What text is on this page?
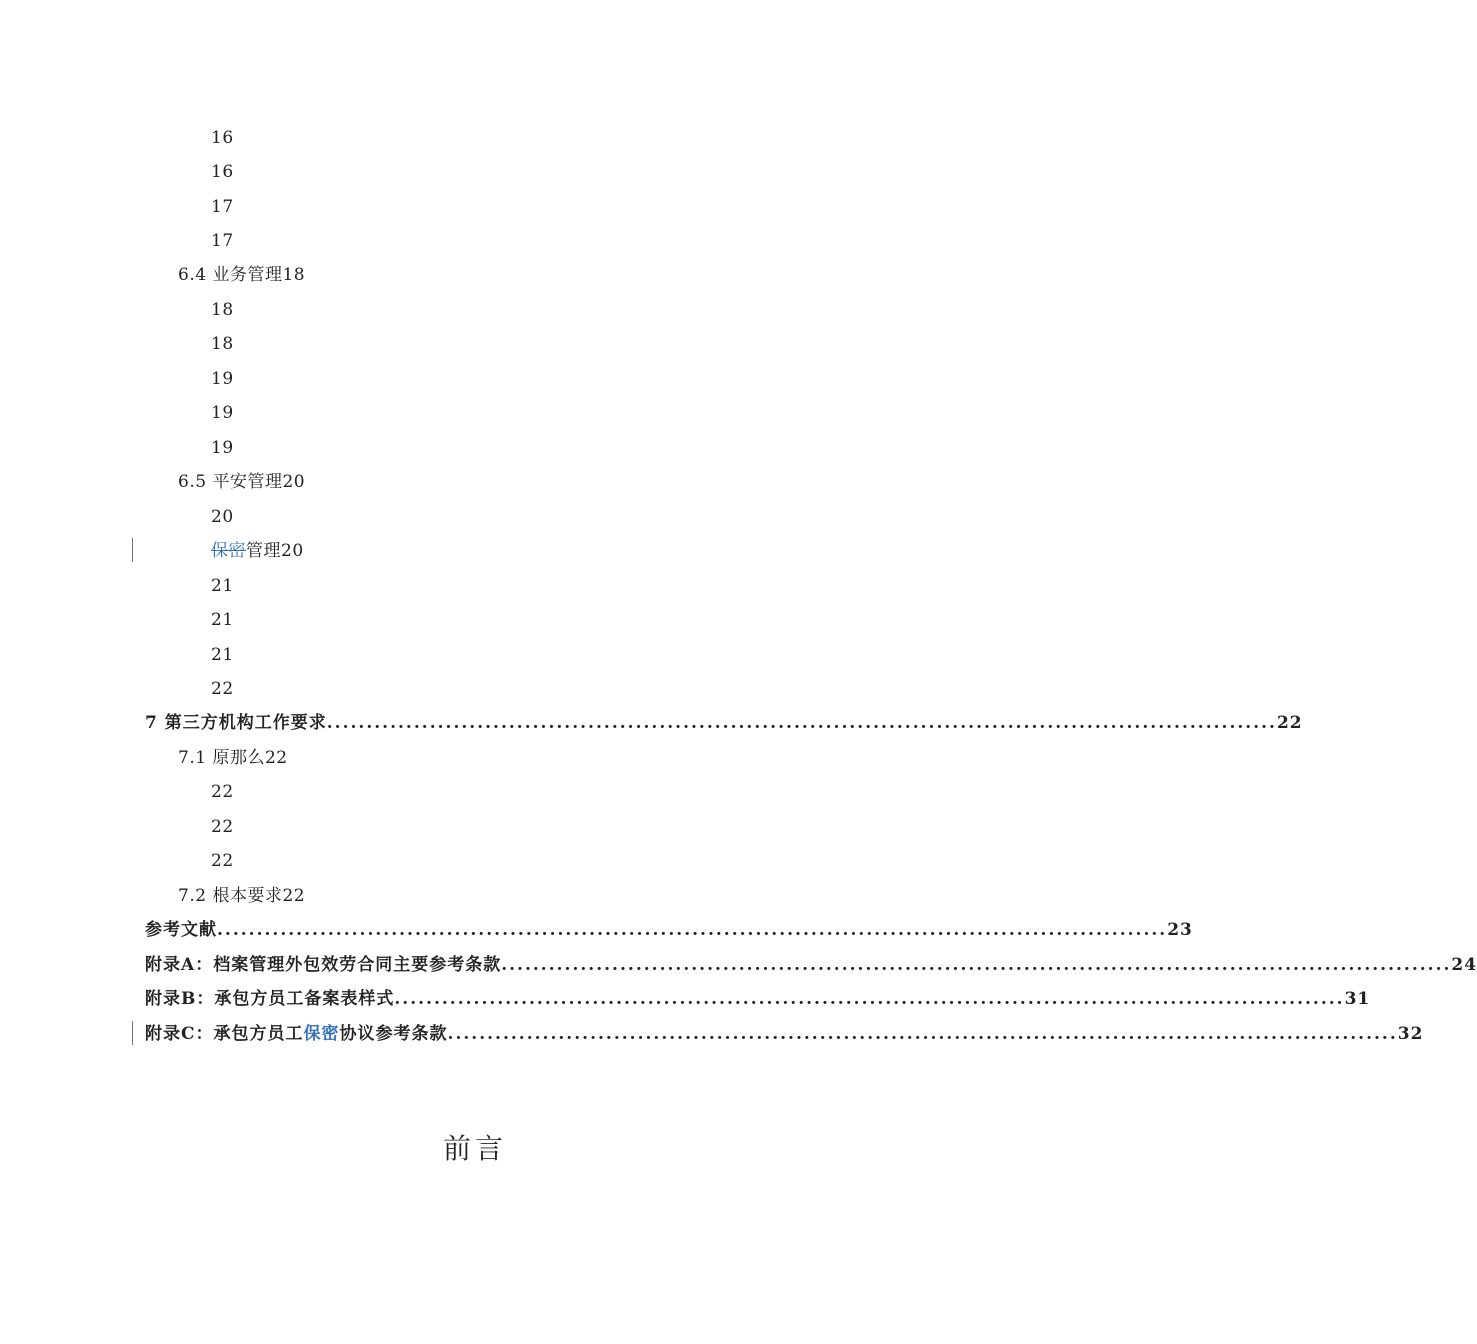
16
16
17
17
6.4 业务管理18
18
18
19
19
19
6.5 平安管理20
20
保密管理20
21
21
21
22
7 第三方机构工作要求 ........................................................................................................................ 22
7.1 原那么22
22
22
22
7.2 根本要求22
参考文献 ........................................................................................................................ 23
附录A：档案管理外包效劳合同主要参考条款 ........................................................................................................................ 24
附录B：承包方员工备案表样式 ........................................................................................................................ 31
附录C：承包方员工保密协议参考条款 ........................................................................................................................ 32
前言
